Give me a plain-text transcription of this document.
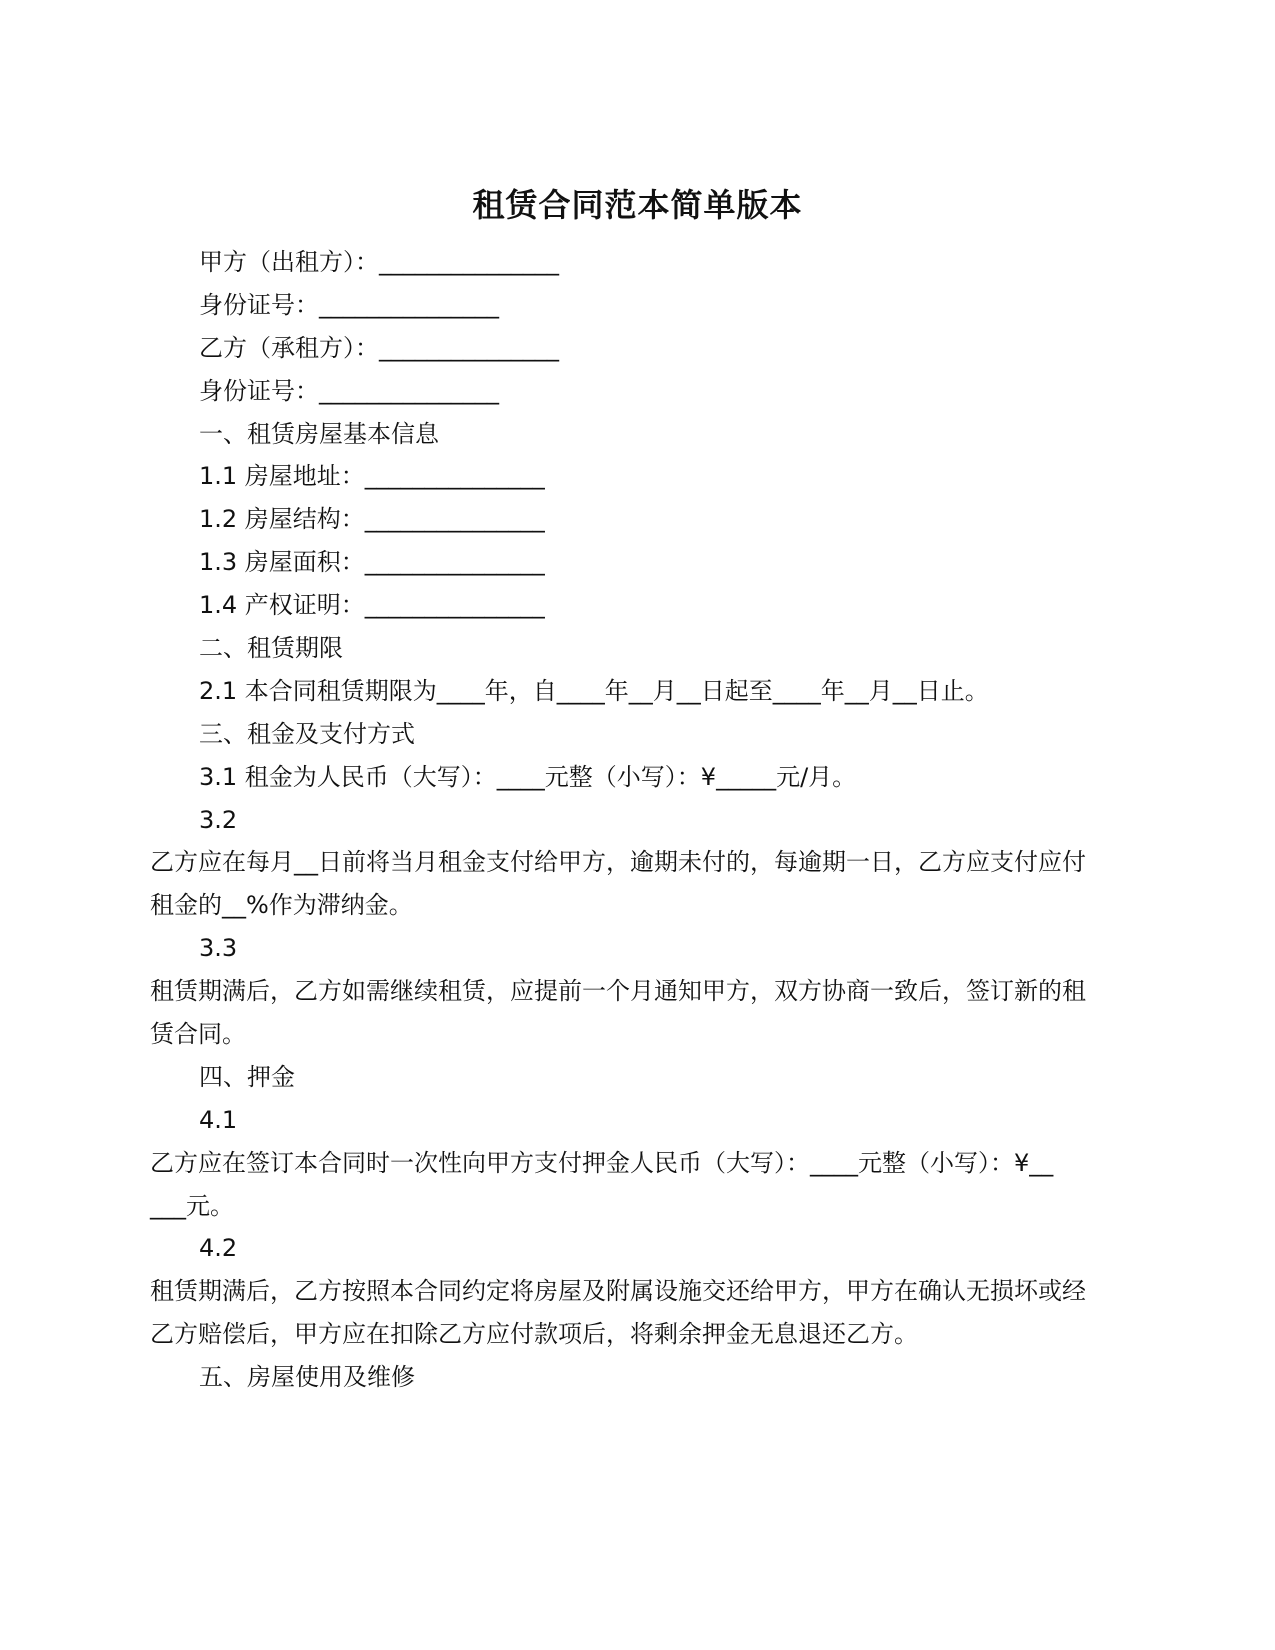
租赁合同范本简单版本
甲方（出租方）：_______________
身份证号：_______________
乙方（承租方）：_______________
身份证号：_______________
一、租赁房屋基本信息
1.1 房屋地址：_______________
1.2 房屋结构：_______________
1.3 房屋面积：_______________
1.4 产权证明：_______________
二、租赁期限
2.1 本合同租赁期限为____年，自____年__月__日起至____年__月__日止。
三、租金及支付方式
3.1 租金为人民币（大写）：____元整（小写）：¥_____元/月。
3.2
乙方应在每月__日前将当月租金支付给甲方，逾期未付的，每逾期一日，乙方应支付应付
租金的__%作为滞纳金。
3.3
租赁期满后，乙方如需继续租赁，应提前一个月通知甲方，双方协商一致后，签订新的租
赁合同。
四、押金
4.1
乙方应在签订本合同时一次性向甲方支付押金人民币（大写）：____元整（小写）：¥__
___元。
4.2
租赁期满后，乙方按照本合同约定将房屋及附属设施交还给甲方，甲方在确认无损坏或经
乙方赔偿后，甲方应在扣除乙方应付款项后，将剩余押金无息退还乙方。
五、房屋使用及维修
